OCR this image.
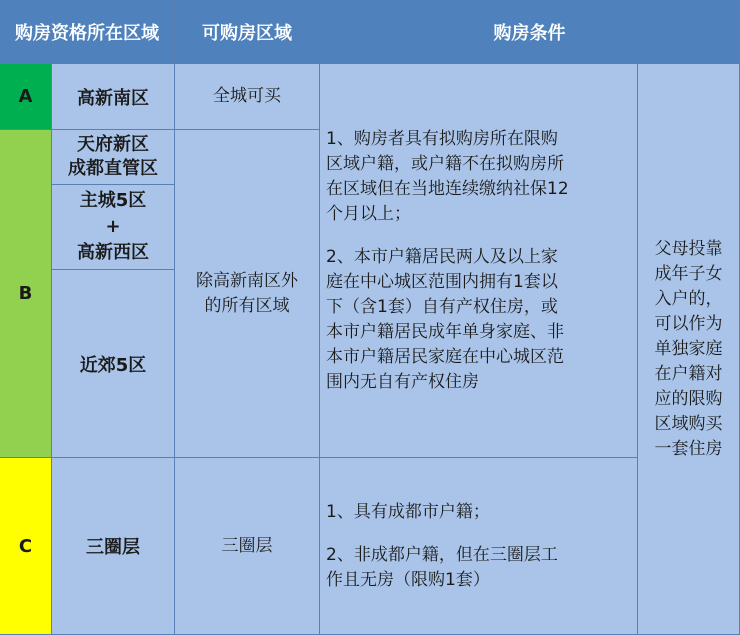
购房资格所在区域 可购房区域	购房条件
A
B
C
高新南区
天府新区
成都直管区
主城5区
+
高新西区
近郊5区
三圈层
全城可买
除高新南区外
的所有区域
三圈层
1、购房者具有拟购房所在限购
区域户籍，或户籍不在拟购房所
在区域但在当地连续缴纳社保12
个月以上；
2、本市户籍居民两人及以上家
庭在中心城区范围内拥有1套以
下（含1套）自有产权住房，或
本市户籍居民成年单身家庭、非
本市户籍居民家庭在中心城区范
围内无自有产权住房
1、具有成都市户籍；
2、非成都户籍，但在三圈层工
作且无房（限购1套）
父母投靠
成年子女
入户的，
可以作为
单独家庭
在户籍对
应的限购
区域购买
一套住房
